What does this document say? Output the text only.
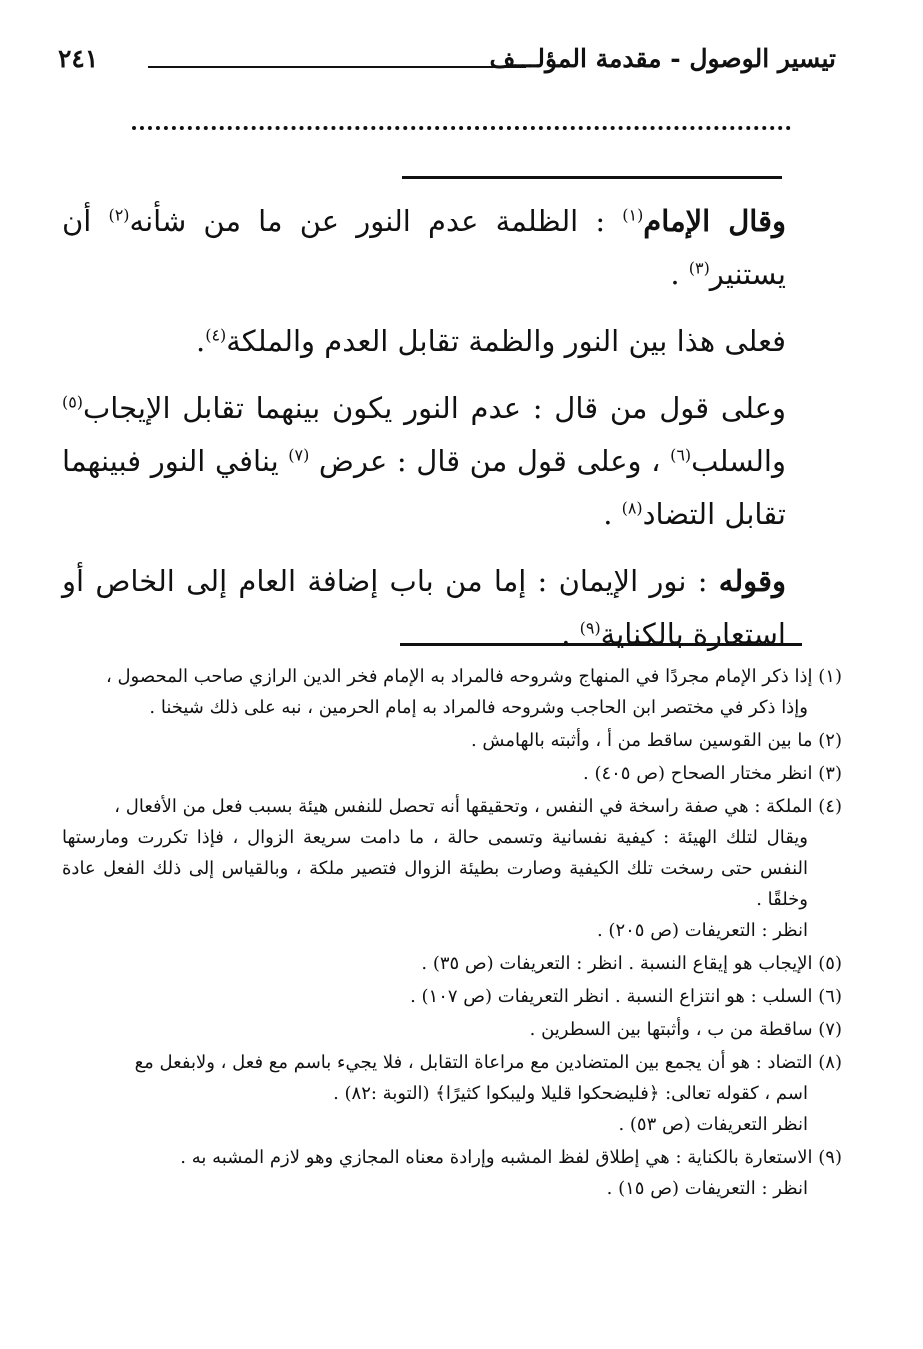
تيسير الوصول - مقدمة المؤلـــف
٢٤١

وقال الإمام$^{(١)}$ : الظلمة عدم النور عن ما من شأنه$^{(٢)}$ أن يستنير$^{(٣)}$ .

فعلى هذا بين النور والظمة تقابل العدم والملكة$^{(٤)}$.

وعلى قول من قال : عدم النور يكون بينهما تقابل الإيجاب$^{(٥)}$ والسلب$^{(٦)}$ ، وعلى قول من قال : عرض $^{(٧)}$ ينافي النور فبينهما تقابل التضاد$^{(٨)}$ .

وقوله : نور الإيمان : إما من باب إضافة العام إلى الخاص أو استعارة بالكناية$^{(٩)}$ .

(١) إذا ذكر الإمام مجردًا في المنهاج وشروحه فالمراد به الإمام فخر الدين الرازي صاحب المحصول ،
وإذا ذكر في مختصر ابن الحاجب وشروحه فالمراد به إمام الحرمين ، نبه على ذلك شيخنا .
(٢) ما بين القوسين ساقط من أ ، وأثبته بالهامش .
(٣) انظر مختار الصحاح (ص ٤٠٥) .
(٤) الملكة : هي صفة راسخة في النفس ، وتحقيقها أنه تحصل للنفس هيئة بسبب فعل من الأفعال ،
ويقال لتلك الهيئة : كيفية نفسانية وتسمى حالة ، ما دامت سريعة الزوال ، فإذا تكررت ومارستها النفس حتى رسخت تلك الكيفية وصارت بطيئة الزوال فتصير ملكة ، وبالقياس إلى ذلك الفعل عادة وخلقًا .
انظر : التعريفات (ص ٢٠٥) .
(٥) الإيجاب هو إيقاع النسبة . انظر : التعريفات (ص ٣٥) .
(٦) السلب : هو انتزاع النسبة . انظر التعريفات (ص ١٠٧) .
(٧) ساقطة من ب ، وأثبتها بين السطرين .
(٨) التضاد : هو أن يجمع بين المتضادين مع مراعاة التقابل ، فلا يجيء باسم مع فعل ، ولابفعل مع
اسم ، كقوله تعالى: ﴿فليضحكوا قليلا وليبكوا كثيرًا﴾ (التوبة :٨٢) .
انظر التعريفات (ص ٥٣) .
(٩) الاستعارة بالكناية : هي إطلاق لفظ المشبه وإرادة معناه المجازي وهو لازم المشبه به .
انظر : التعريفات (ص ١٥) .
